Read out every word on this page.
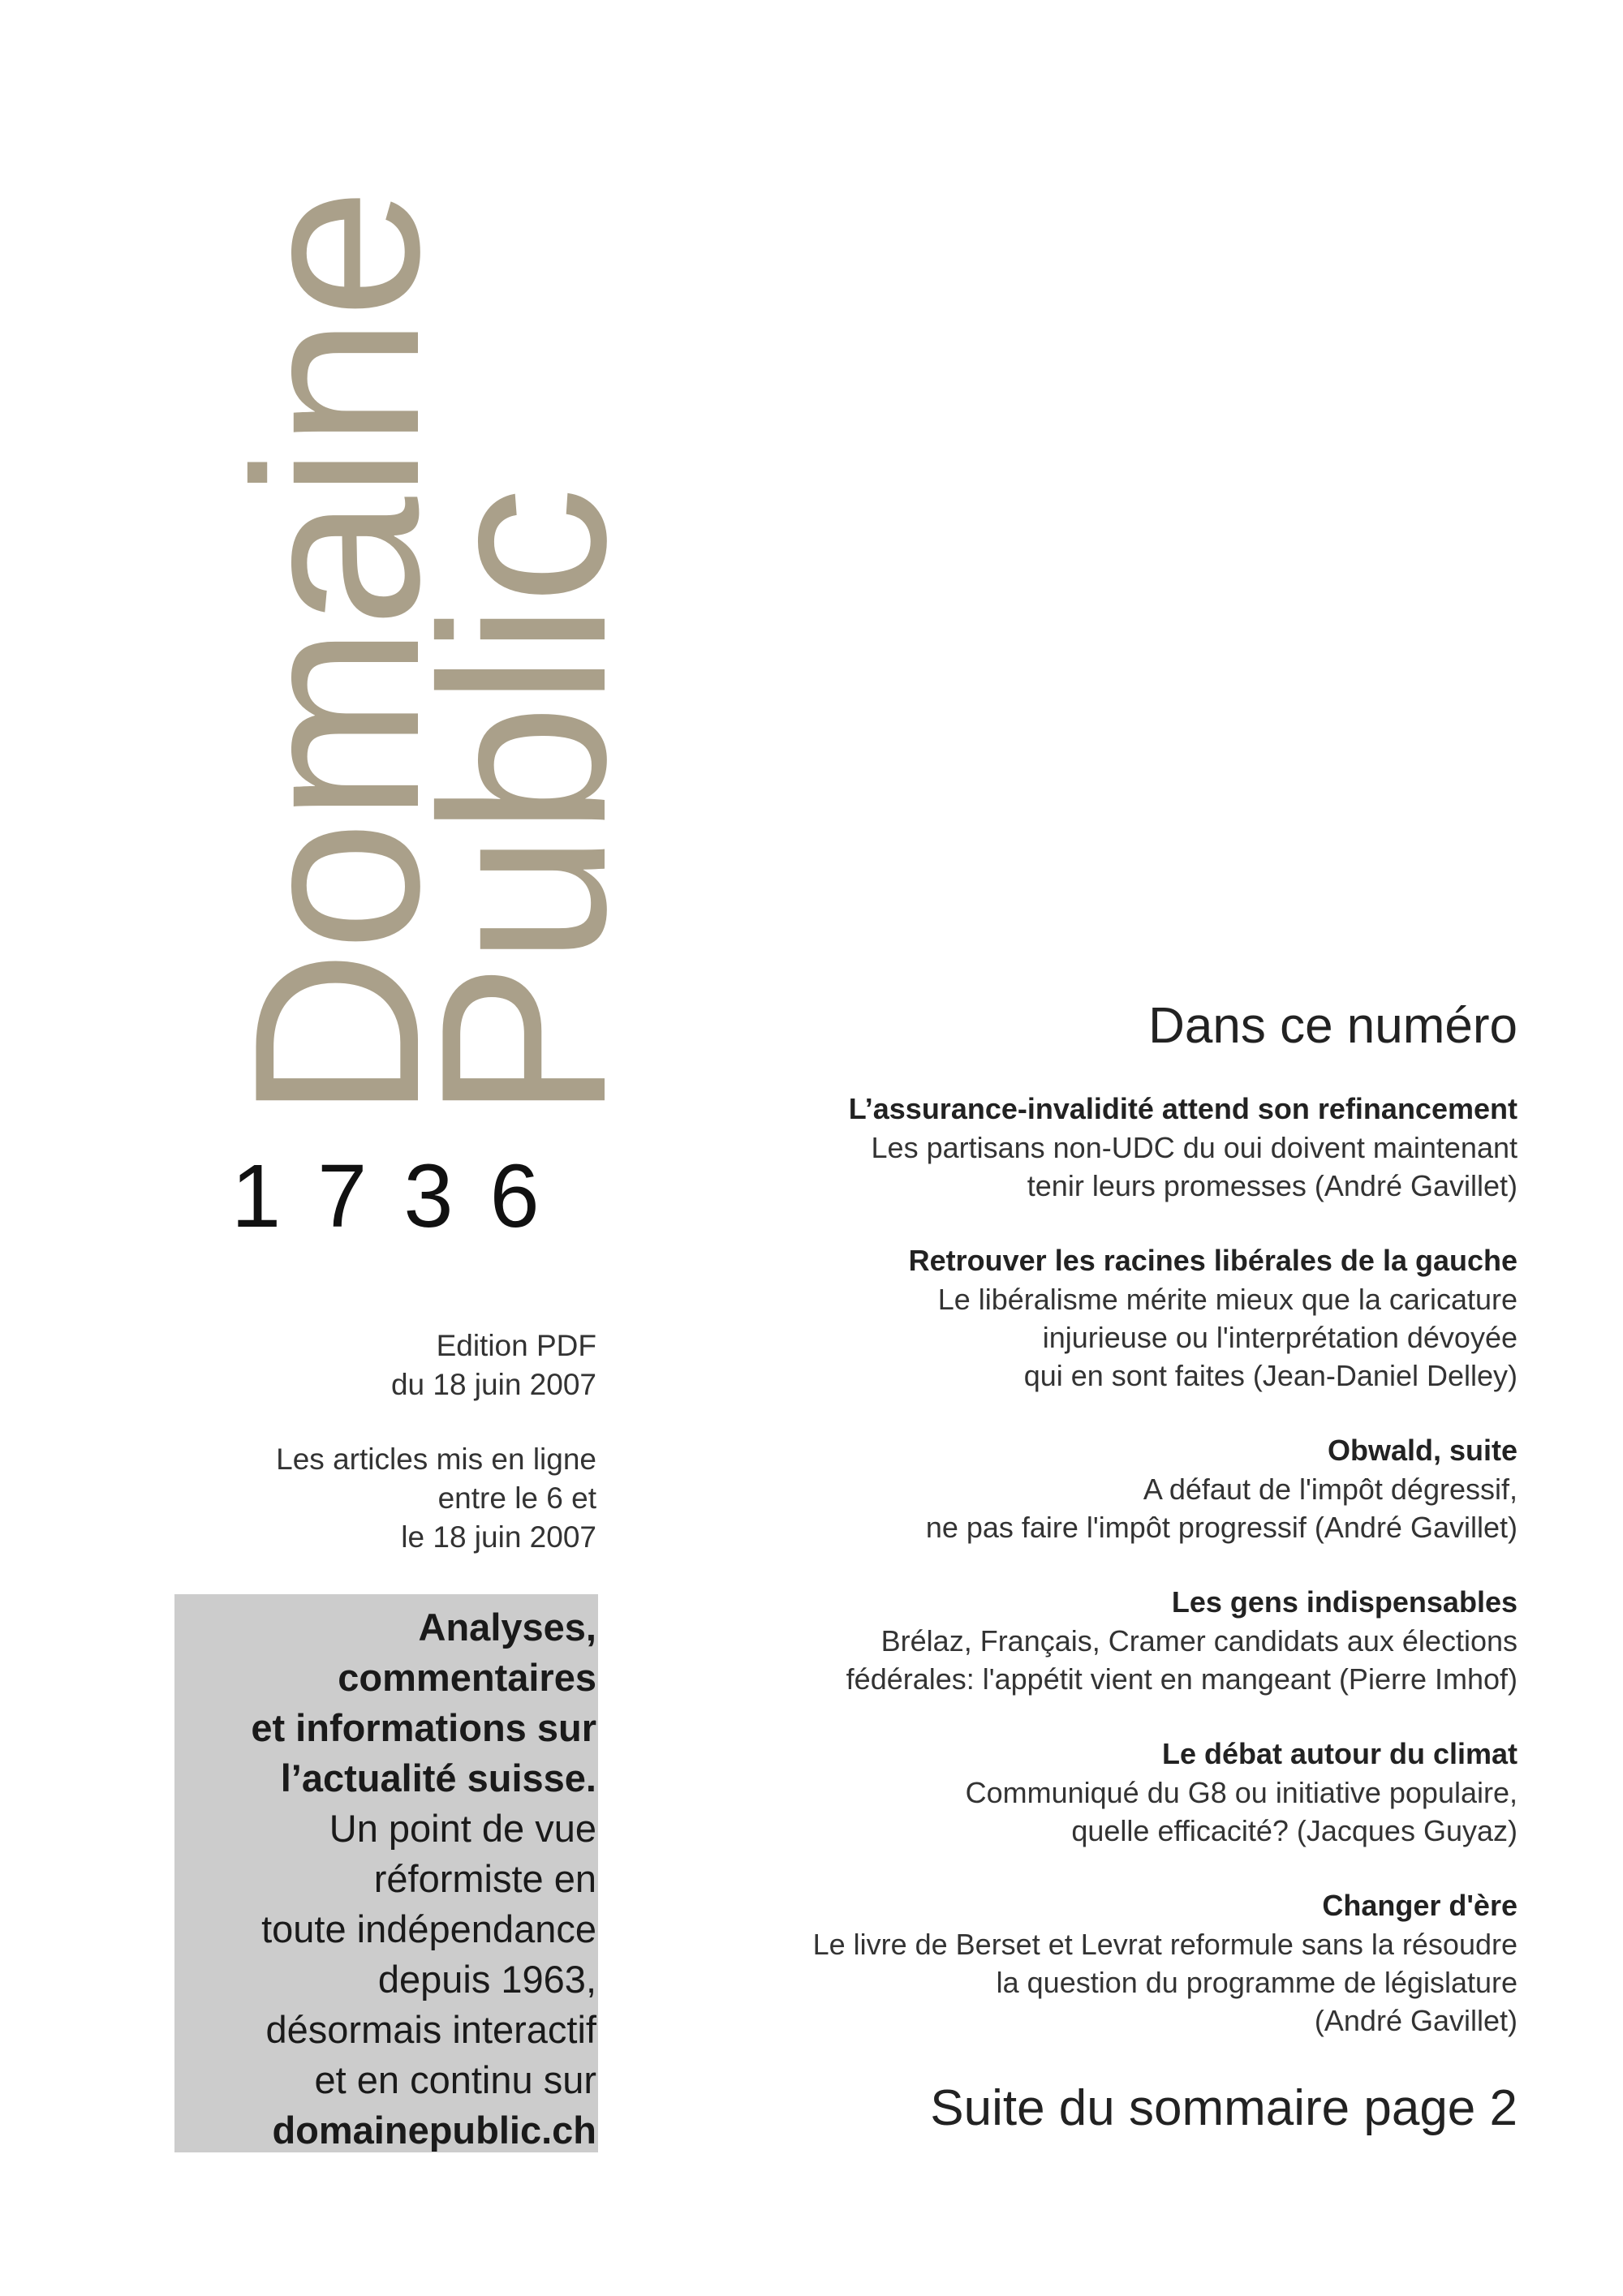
Domaine
Public
1736
Edition PDF
du 18 juin 2007
Les articles mis en ligne
entre le 6 et
le 18 juin 2007
Analyses,
commentaires
et informations sur
l’actualité suisse.
Un point de vue
réformiste en
toute indépendance
depuis 1963,
désormais interactif
et en continu sur
domainepublic.ch
Dans ce numéro
L’assurance-invalidité attend son refinancement
Les partisans non-UDC du oui doivent maintenant
tenir leurs promesses (André Gavillet)
Retrouver les racines libérales de la gauche
Le libéralisme mérite mieux que la caricature
injurieuse ou l'interprétation dévoyée
qui en sont faites (Jean-Daniel Delley)
Obwald, suite
A défaut de l'impôt dégressif,
ne pas faire l'impôt progressif (André Gavillet)
Les gens indispensables
Brélaz, Français, Cramer candidats aux élections
fédérales: l'appétit vient en mangeant (Pierre Imhof)
Le débat autour du climat
Communiqué du G8 ou initiative populaire,
quelle efficacité? (Jacques Guyaz)
Changer d'ère
Le livre de Berset et Levrat reformule sans la résoudre
la question du programme de législature
(André Gavillet)
Suite du sommaire page 2
